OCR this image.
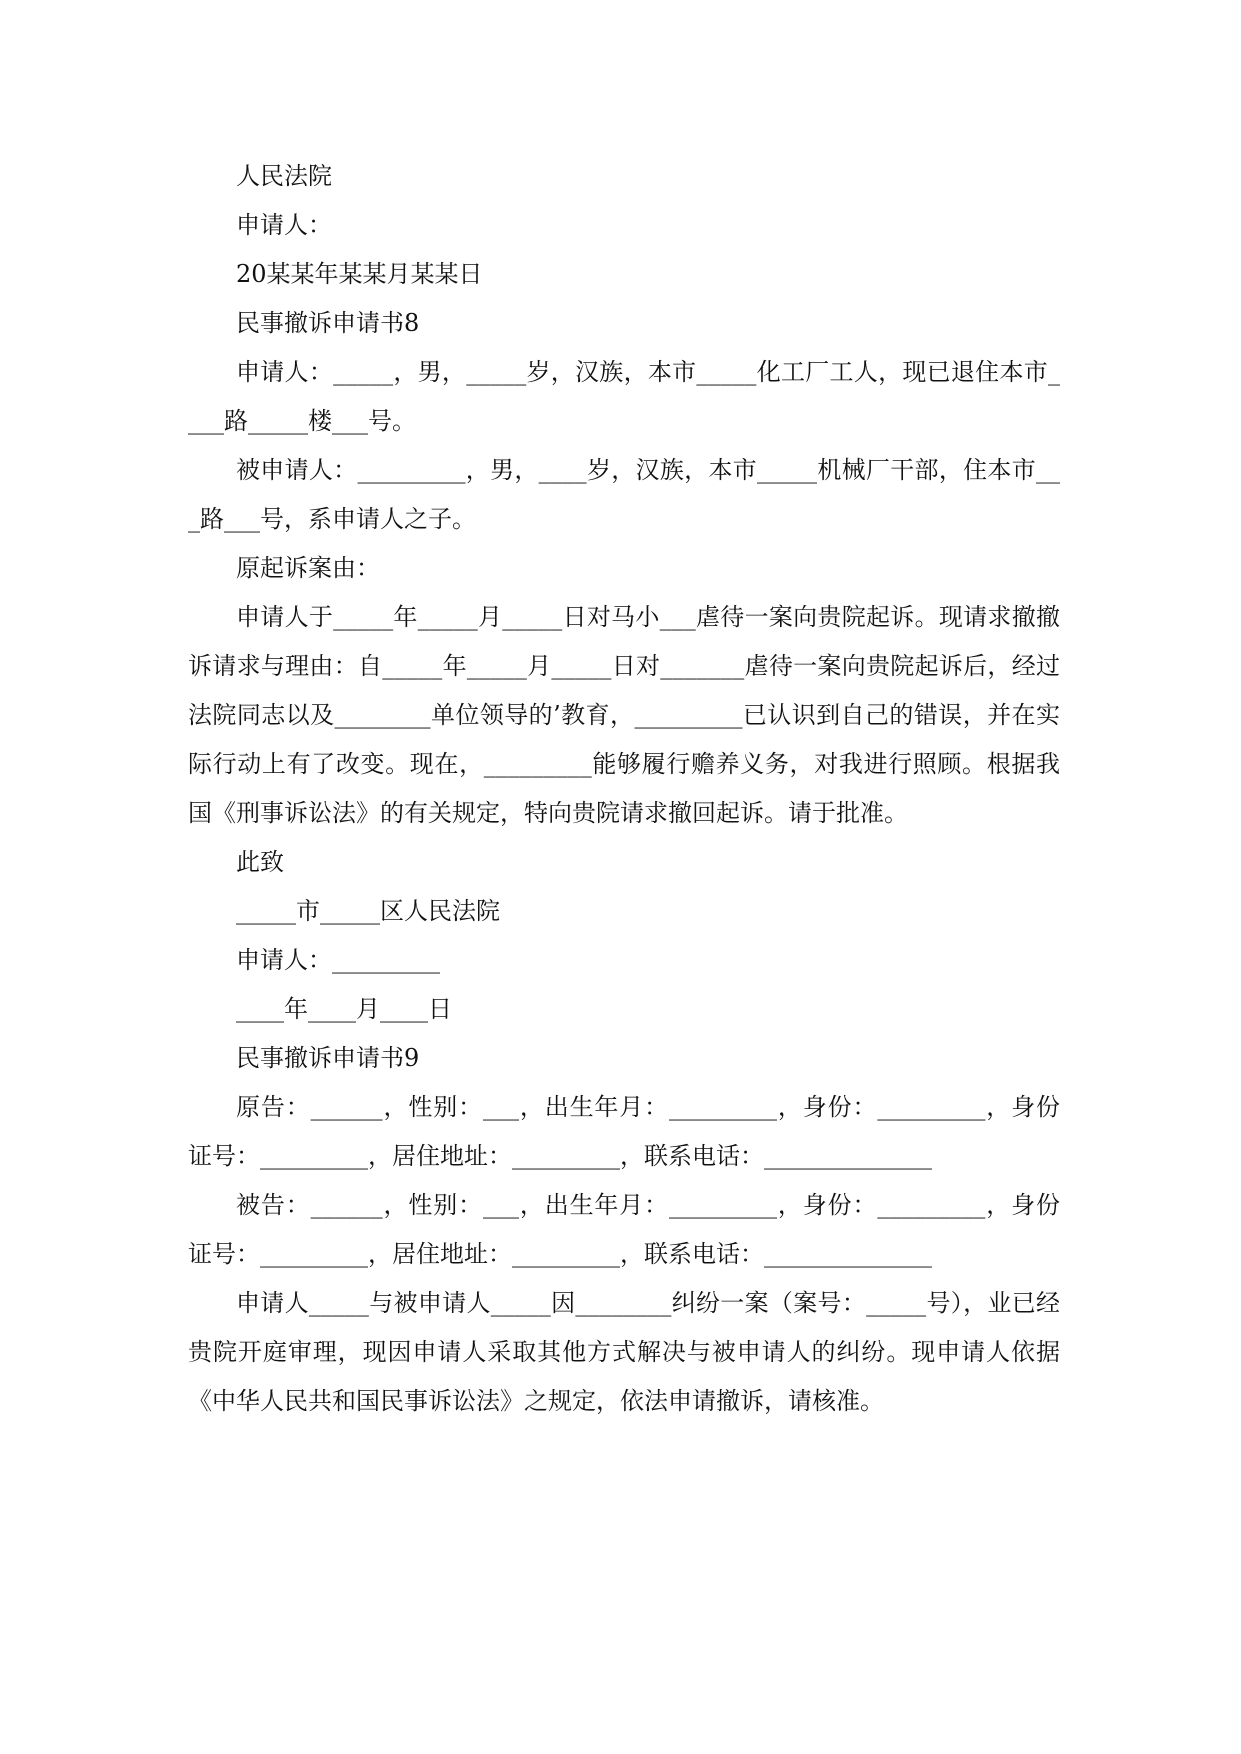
人民法院

申请人：

20某某年某某月某某日

民事撤诉申请书8

申请人：_____，男，_____岁，汉族，本市_____化工厂工人，现已退住本市____路_____楼___号。

被申请人：_________，男，____岁，汉族，本市_____机械厂干部，住本市___路___号，系申请人之子。

原起诉案由：

申请人于_____年_____月_____日对马小___虐待一案向贵院起诉。现请求撤撤诉请求与理由：自_____年_____月_____日对_______虐待一案向贵院起诉后，经过法院同志以及________单位领导的’教育，_________已认识到自己的错误，并在实际行动上有了改变。现在，_________能够履行赡养义务，对我进行照顾。根据我国《刑事诉讼法》的有关规定，特向贵院请求撤回起诉。请于批准。

此致

_____市_____区人民法院

申请人：_________

____年____月____日

民事撤诉申请书9

原告：______，性别：___，出生年月：_________，身份：_________，身份证号：_________，居住地址：_________，联系电话：______________

被告：______，性别：___，出生年月：_________，身份：_________，身份证号：_________，居住地址：_________，联系电话：______________

申请人_____与被申请人_____因________纠纷一案（案号：_____号），业已经贵院开庭审理，现因申请人采取其他方式解决与被申请人的纠纷。现申请人依据《中华人民共和国民事诉讼法》之规定，依法申请撤诉，请核准。
